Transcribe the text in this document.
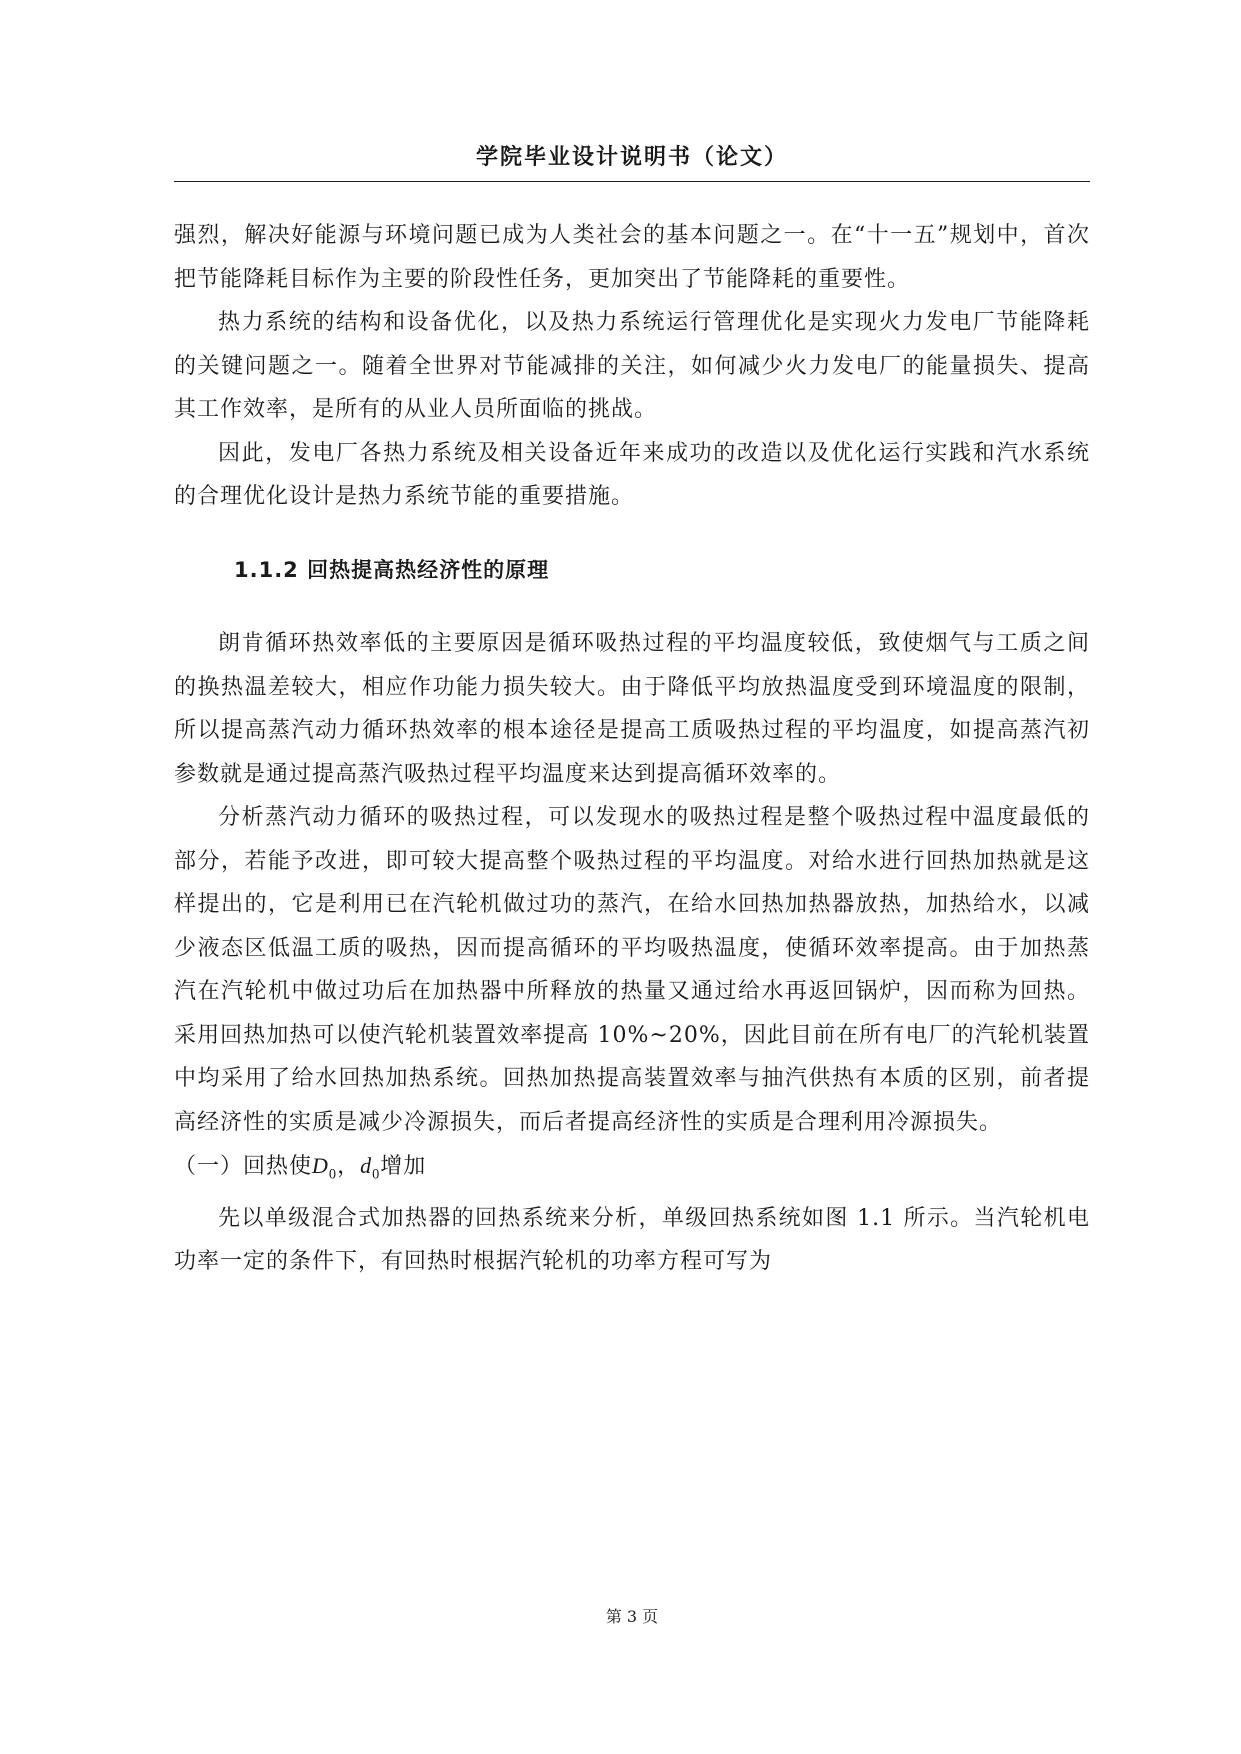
学院毕业设计说明书（论文）

强烈，解决好能源与环境问题已成为人类社会的基本问题之一。在“十一五”规划中，首次把节能降耗目标作为主要的阶段性任务，更加突出了节能降耗的重要性。

热力系统的结构和设备优化，以及热力系统运行管理优化是实现火力发电厂节能降耗的关键问题之一。随着全世界对节能减排的关注，如何减少火力发电厂的能量损失、提高其工作效率，是所有的从业人员所面临的挑战。

因此，发电厂各热力系统及相关设备近年来成功的改造以及优化运行实践和汽水系统的合理优化设计是热力系统节能的重要措施。

1.1.2 回热提高热经济性的原理

朗肯循环热效率低的主要原因是循环吸热过程的平均温度较低，致使烟气与工质之间的换热温差较大，相应作功能力损失较大。由于降低平均放热温度受到环境温度的限制，所以提高蒸汽动力循环热效率的根本途径是提高工质吸热过程的平均温度，如提高蒸汽初参数就是通过提高蒸汽吸热过程平均温度来达到提高循环效率的。

分析蒸汽动力循环的吸热过程，可以发现水的吸热过程是整个吸热过程中温度最低的部分，若能予改进，即可较大提高整个吸热过程的平均温度。对给水进行回热加热就是这样提出的，它是利用已在汽轮机做过功的蒸汽，在给水回热加热器放热，加热给水，以减少液态区低温工质的吸热，因而提高循环的平均吸热温度，使循环效率提高。由于加热蒸汽在汽轮机中做过功后在加热器中所释放的热量又通过给水再返回锅炉，因而称为回热。采用回热加热可以使汽轮机装置效率提高 10%~20%，因此目前在所有电厂的汽轮机装置中均采用了给水回热加热系统。回热加热提高装置效率与抽汽供热有本质的区别，前者提高经济性的实质是减少冷源损失，而后者提高经济性的实质是合理利用冷源损失。

（一）回热使$D_0$，$d_0$增加

先以单级混合式加热器的回热系统来分析，单级回热系统如图 1.1 所示。当汽轮机电功率一定的条件下，有回热时根据汽轮机的功率方程可写为

第 3 页
